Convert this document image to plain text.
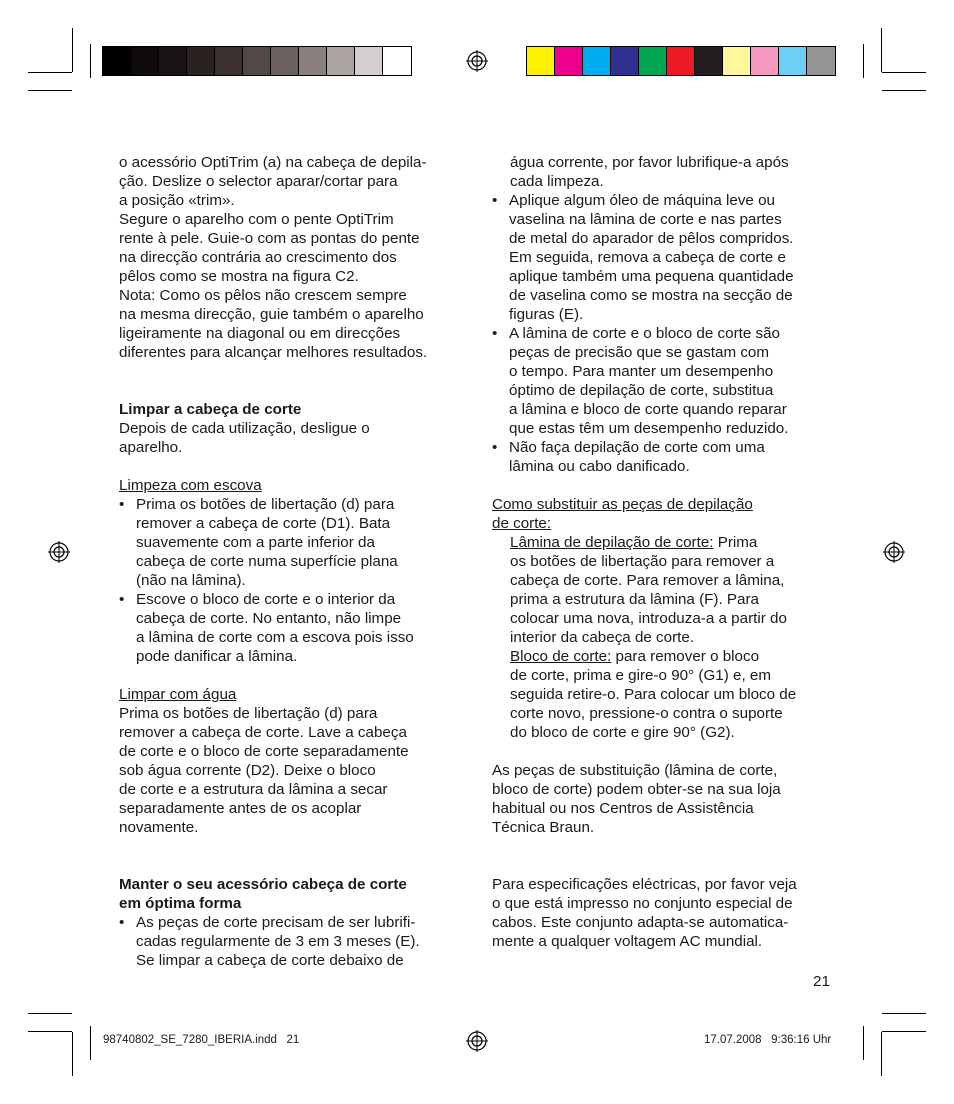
o acessório OptiTrim (a) na cabeça de depila-

ção. Deslize o selector aparar/cortar para

a posição «trim».

Segure o aparelho com o pente OptiTrim

rente à pele. Guie-o com as pontas do pente

na direcção contrária ao crescimento dos

pêlos como se mostra na figura C2.

Nota: Como os pêlos não crescem sempre

na mesma direcção, guie também o aparelho

ligeiramente na diagonal ou em direcções

diferentes para alcançar melhores resultados.

Limpar a cabeça de corte

Depois de cada utilização, desligue o

aparelho.

Limpeza com escova

• Prima os botões de libertação (d) para

remover a cabeça de corte (D1). Bata

suavemente com a parte inferior da

cabeça de corte numa superfície plana

(não na lâmina).

• Escove o bloco de corte e o interior da

cabeça de corte. No entanto, não limpe

a lâmina de corte com a escova pois isso

pode danificar a lâmina.

Limpar com água

Prima os botões de libertação (d) para

remover a cabeça de corte. Lave a cabeça

de corte e o bloco de corte separadamente

sob água corrente (D2). Deixe o bloco

de corte e a estrutura da lâmina a secar

separadamente antes de os acoplar

novamente.

Manter o seu acessório cabeça de corte

em óptima forma

• As peças de corte precisam de ser lubrifi-

cadas regularmente de 3 em 3 meses (E).

Se limpar a cabeça de corte debaixo de

água corrente, por favor lubrifique-a após

cada limpeza.

• Aplique algum óleo de máquina leve ou

vaselina na lâmina de corte e nas partes

de metal do aparador de pêlos compridos.

Em seguida, remova a cabeça de corte e

aplique também uma pequena quantidade

de vaselina como se mostra na secção de

figuras (E).

• A lâmina de corte e o bloco de corte são

peças de precisão que se gastam com

o tempo. Para manter um desempenho

óptimo de depilação de corte, substitua

a lâmina e bloco de corte quando reparar

que estas têm um desempenho reduzido.

• Não faça depilação de corte com uma

lâmina ou cabo danificado.

Como substituir as peças de depilação

de corte:

Lâmina de depilação de corte: Prima

os botões de libertação para remover a

cabeça de corte. Para remover a lâmina,

prima a estrutura da lâmina (F). Para

colocar uma nova, introduza-a a partir do

interior da cabeça de corte.

Bloco de corte: para remover o bloco

de corte, prima e gire-o 90° (G1) e, em

seguida retire-o. Para colocar um bloco de

corte novo, pressione-o contra o suporte

do bloco de corte e gire 90° (G2).

As peças de substituição (lâmina de corte,

bloco de corte) podem obter-se na sua loja

habitual ou nos Centros de Assistência

Técnica Braun.

Para especificações eléctricas, por favor veja

o que está impresso no conjunto especial de

cabos. Este conjunto adapta-se automatica-

mente a qualquer voltagem AC mundial.

21
98740802_SE_7280_IBERIA.indd   21	17.07.2008   9:36:16 Uhr
